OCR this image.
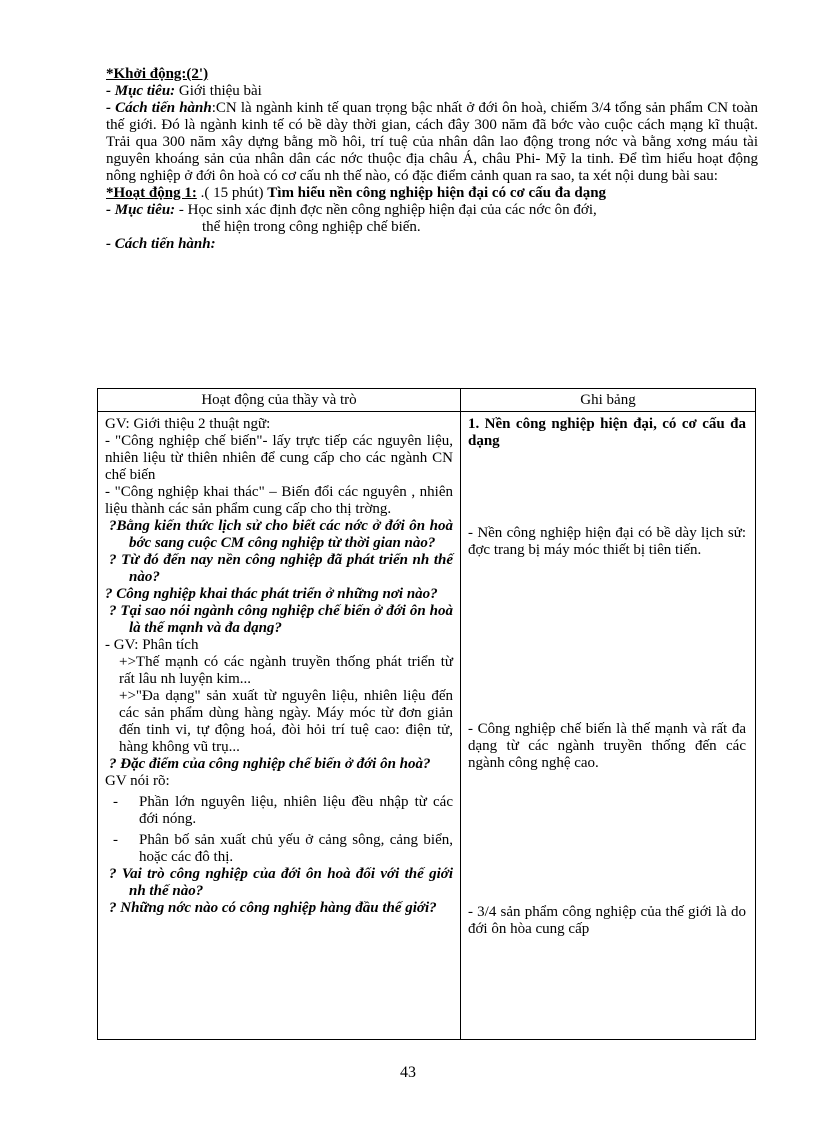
*Khởi động:(2')

- Mục tiêu: Giới thiệu bài

- Cách tiến hành:CN là ngành kinh tế quan trọng bậc nhất ở đới ôn hoà, chiếm 3/4 tổng sản phẩm CN toàn thế giới. Đó là ngành kinh tế có bề dày thời gian, cách đây 300 năm đã bớc vào cuộc cách mạng kĩ thuật. Trải qua 300 năm xây dựng bằng mồ hôi, trí tuệ của nhân dân lao động trong nớc và bằng xơng máu tài nguyên khoáng sản của nhân dân các nớc thuộc địa châu Á, châu Phi- Mỹ la tinh. Để tìm hiểu hoạt động nông nghiệp ở đới ôn hoà có cơ cấu nh thế nào, có đặc điểm cảnh quan ra sao, ta xét nội dung bài sau:

*Hoạt động 1: .( 15 phút) Tìm hiểu nền công nghiệp hiện đại có cơ cấu đa dạng

- Mục tiêu: - Học sinh xác định đợc nền công nghiệp hiện đại của các nớc ôn đới,

thể hiện trong công nghiệp chế biến.

- Cách tiến hành:

Hoạt động của thầy và trò	Ghi bảng

GV: Giới thiệu 2 thuật ngữ:

- "Công nghiệp chế biến"- lấy trực tiếp các nguyên liệu, nhiên liệu từ thiên nhiên để cung cấp cho các ngành CN chế biến

- "Công nghiệp khai thác" – Biến đổi các nguyên , nhiên liệu thành các sản phẩm cung cấp cho thị trờng.

?Bằng kiến thức lịch sử cho biết các nớc ở đới ôn hoà bớc sang cuộc CM công nghiệp từ thời gian nào?

? Từ đó đến nay nền công nghiệp đã phát triển nh thế nào?

? Công nghiệp khai thác phát triển ở những nơi nào?

? Tại sao nói ngành công nghiệp chế biến ở đới ôn hoà là thế mạnh và đa dạng?

- GV: Phân tích

+>Thế mạnh có các ngành truyền thống phát triển từ rất lâu nh luyện kim...

+>"Đa dạng" sản xuất từ nguyên liệu, nhiên liệu đến các sản phẩm dùng hàng ngày. Máy móc từ đơn giản đến tinh vi, tự động hoá, đòi hỏi trí tuệ cao: điện tử, hàng không vũ trụ...

? Đặc điểm của công nghiệp chế biến ở đới ôn hoà?

GV nói rõ:

- Phần lớn nguyên liệu, nhiên liệu đều nhập từ các đới nóng.

- Phân bố sản xuất chủ yếu ở cảng sông, cảng biển, hoặc các đô thị.

? Vai trò công nghiệp của đới ôn hoà đối với thế giới nh thế nào?

? Những nớc nào có công nghiệp hàng đầu thế giới?

1. Nền công nghiệp hiện đại, có cơ cấu đa dạng

- Nền công nghiệp hiện đại có bề dày lịch sử: đợc trang bị máy móc thiết bị tiên tiến.

- Công nghiệp chế biến là thế mạnh và rất đa dạng từ các ngành truyền thống đến các ngành công nghệ cao.

- 3/4 sản phẩm công nghiệp của thế giới là do đới ôn hòa cung cấp

43
